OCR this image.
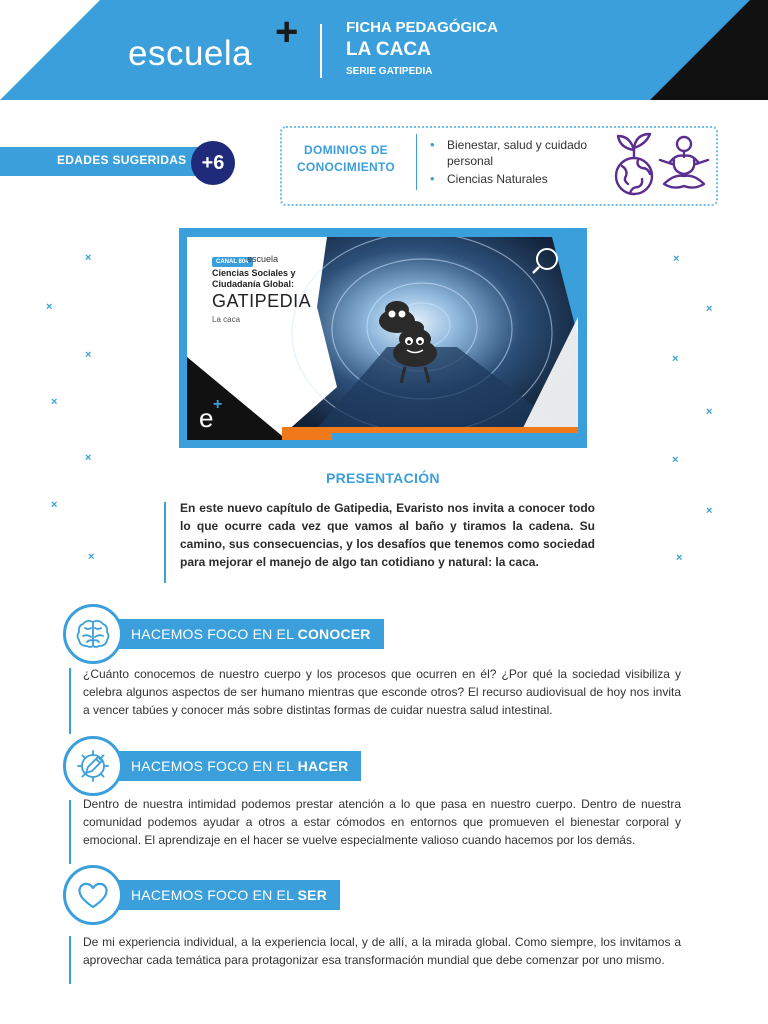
escuela +	FICHA PEDAGÓGICA
LA CACA
SERIE GATIPEDIA
EDADES SUGERIDAS +6
DOMINIOS DE CONOCIMIENTO
• Bienestar, salud y cuidado personal
• Ciencias Naturales
×
×
×
×
×
×
×
×
×
×
×
×
×
×
CANAL 804
escuela
Ciencias Sociales y Ciudadanía Global:
GATIPEDIA
La caca
e +
PRESENTACIÓN

En este nuevo capítulo de Gatipedia, Evaristo nos invita a conocer todo lo que ocurre cada vez que vamos al baño y tiramos la cadena. Su camino, sus consecuencias, y los desafíos que tenemos como sociedad para mejorar el manejo de algo tan cotidiano y natural: la caca.

HACEMOS FOCO EN EL CONOCER

¿Cuánto conocemos de nuestro cuerpo y los procesos que ocurren en él? ¿Por qué la sociedad visibiliza y celebra algunos aspectos de ser humano mientras que esconde otros? El recurso audiovisual de hoy nos invita a vencer tabúes y conocer más sobre distintas formas de cuidar nuestra salud intestinal.

HACEMOS FOCO EN EL HACER

Dentro de nuestra intimidad podemos prestar atención a lo que pasa en nuestro cuerpo. Dentro de nuestra comunidad podemos ayudar a otros a estar cómodos en entornos que promueven el bienestar corporal y emocional. El aprendizaje en el hacer se vuelve especialmente valioso cuando hacemos por los demás.

HACEMOS FOCO EN EL SER

De mi experiencia individual, a la experiencia local, y de allí, a la mirada global. Como siempre, los invitamos a aprovechar cada temática para protagonizar esa transformación mundial que debe comenzar por uno mismo.
